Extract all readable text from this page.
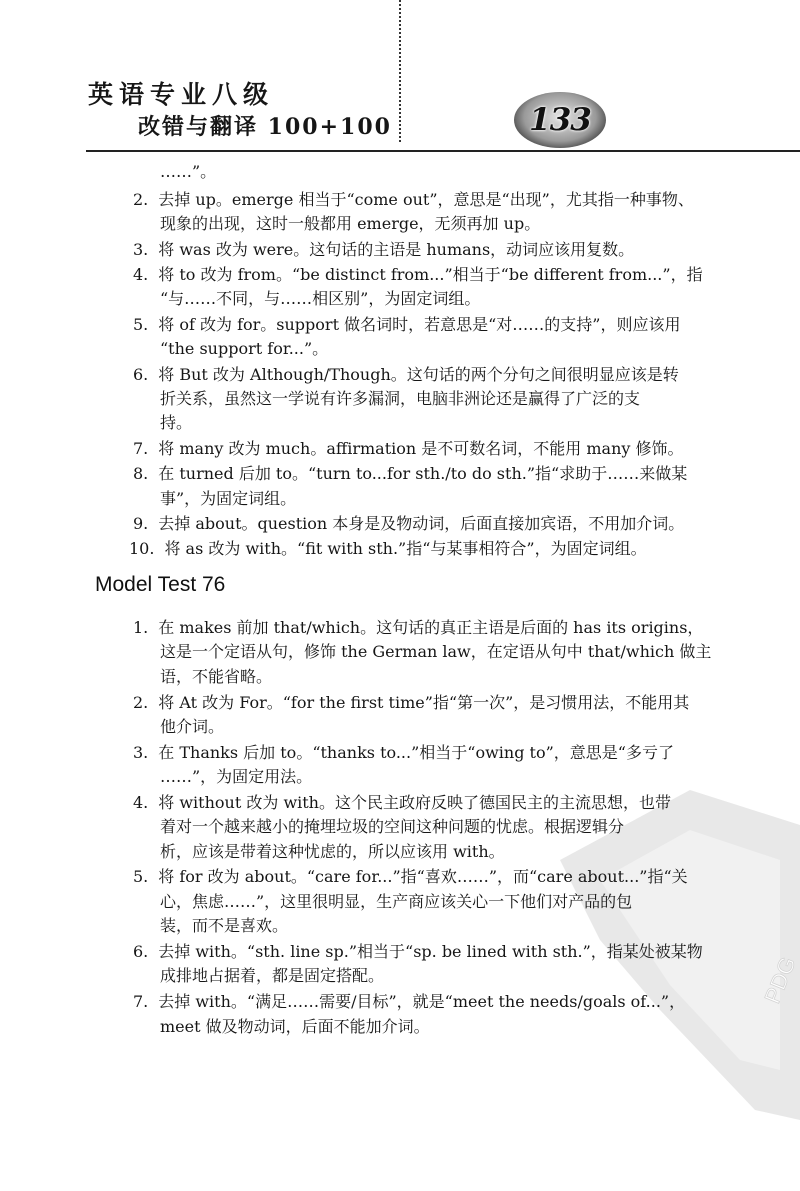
英语专业八级
改错与翻译 100+100	133
PDG
……”。
2. 去掉 up。emerge 相当于“come out”，意思是“出现”，尤其指一种事物、
现象的出现，这时一般都用 emerge，无须再加 up。
3. 将 was 改为 were。这句话的主语是 humans，动词应该用复数。
4. 将 to 改为 from。“be distinct from...”相当于“be different from...”，指
“与……不同，与……相区别”，为固定词组。
5. 将 of 改为 for。support 做名词时，若意思是“对……的支持”，则应该用
“the support for...”。
6. 将 But 改为 Although/Though。这句话的两个分句之间很明显应该是转
折关系，虽然这一学说有许多漏洞，电脑非洲论还是赢得了广泛的支
持。
7. 将 many 改为 much。affirmation 是不可数名词，不能用 many 修饰。
8. 在 turned 后加 to。“turn to...for sth./to do sth.”指“求助于……来做某
事”，为固定词组。
9. 去掉 about。question 本身是及物动词，后面直接加宾语，不用加介词。
10. 将 as 改为 with。“fit with sth.”指“与某事相符合”，为固定词组。
Model Test 76
1. 在 makes 前加 that/which。这句话的真正主语是后面的 has its origins，
这是一个定语从句，修饰 the German law，在定语从句中 that/which 做主
语，不能省略。
2. 将 At 改为 For。“for the first time”指“第一次”，是习惯用法，不能用其
他介词。
3. 在 Thanks 后加 to。“thanks to...”相当于“owing to”，意思是“多亏了
……”，为固定用法。
4. 将 without 改为 with。这个民主政府反映了德国民主的主流思想，也带
着对一个越来越小的掩埋垃圾的空间这种问题的忧虑。根据逻辑分
析，应该是带着这种忧虑的，所以应该用 with。
5. 将 for 改为 about。“care for...”指“喜欢……”，而“care about...”指“关
心，焦虑……”，这里很明显，生产商应该关心一下他们对产品的包
装，而不是喜欢。
6. 去掉 with。“sth. line sp.”相当于“sp. be lined with sth.”，指某处被某物
成排地占据着，都是固定搭配。
7. 去掉 with。“满足……需要/目标”，就是“meet the needs/goals of...”，
meet 做及物动词，后面不能加介词。
